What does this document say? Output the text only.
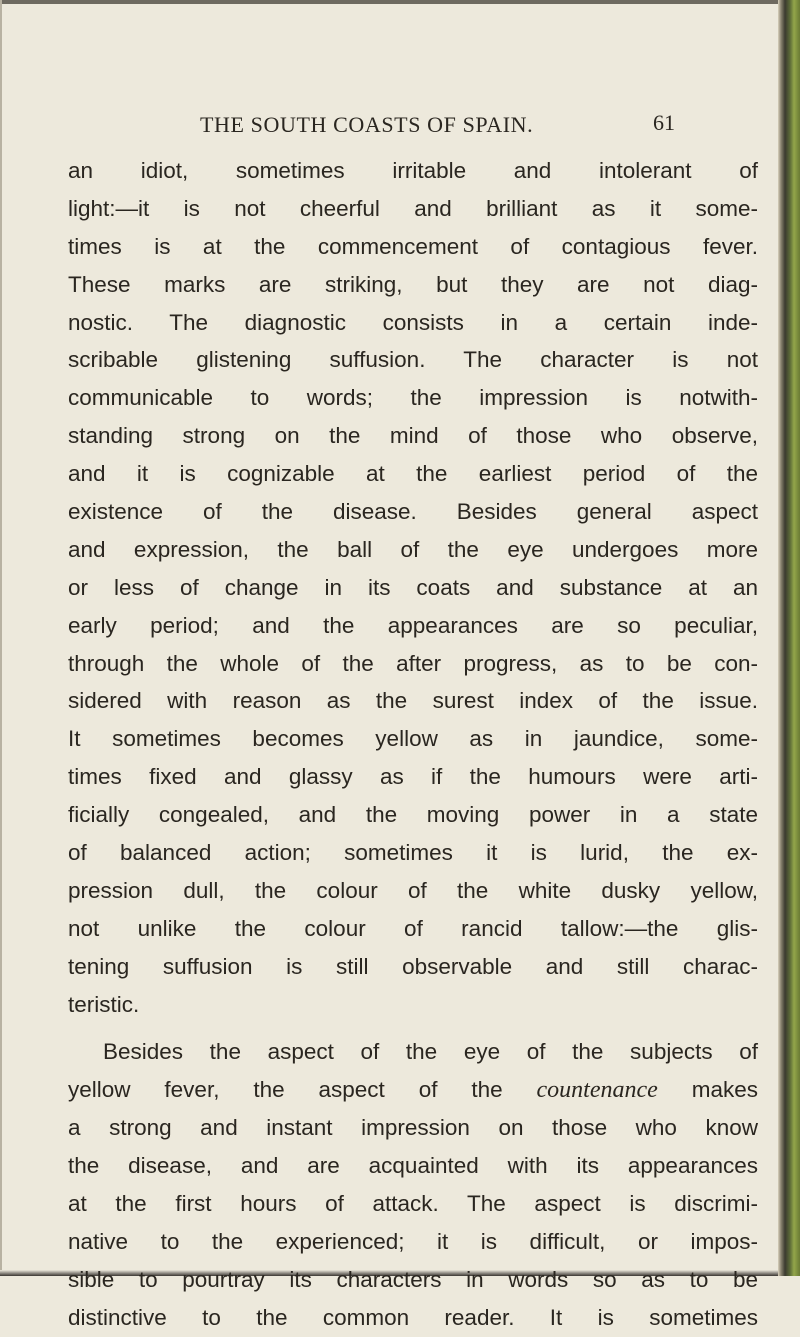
THE SOUTH COASTS OF SPAIN.	61
an idiot, sometimes irritable and intolerant of
light:—it is not cheerful and brilliant as it some-
times is at the commencement of contagious fever.
These marks are striking, but they are not diag-
nostic. The diagnostic consists in a certain inde-
scribable glistening suffusion. The character is not
communicable to words; the impression is notwith-
standing strong on the mind of those who observe,
and it is cognizable at the earliest period of the
existence of the disease. Besides general aspect
and expression, the ball of the eye undergoes more
or less of change in its coats and substance at an
early period; and the appearances are so peculiar,
through the whole of the after progress, as to be con-
sidered with reason as the surest index of the issue.
It sometimes becomes yellow as in jaundice, some-
times fixed and glassy as if the humours were arti-
ficially congealed, and the moving power in a state
of balanced action; sometimes it is lurid, the ex-
pression dull, the colour of the white dusky yellow,
not unlike the colour of rancid tallow:—the glis-
tening suffusion is still observable and still charac-
teristic.
Besides the aspect of the eye of the subjects of
yellow fever, the aspect of the countenance makes
a strong and instant impression on those who know
the disease, and are acquainted with its appearances
at the first hours of attack. The aspect is discrimi-
native to the experienced; it is difficult, or impos-
sible to pourtray its characters in words so as to be
distinctive to the common reader. It is sometimes
